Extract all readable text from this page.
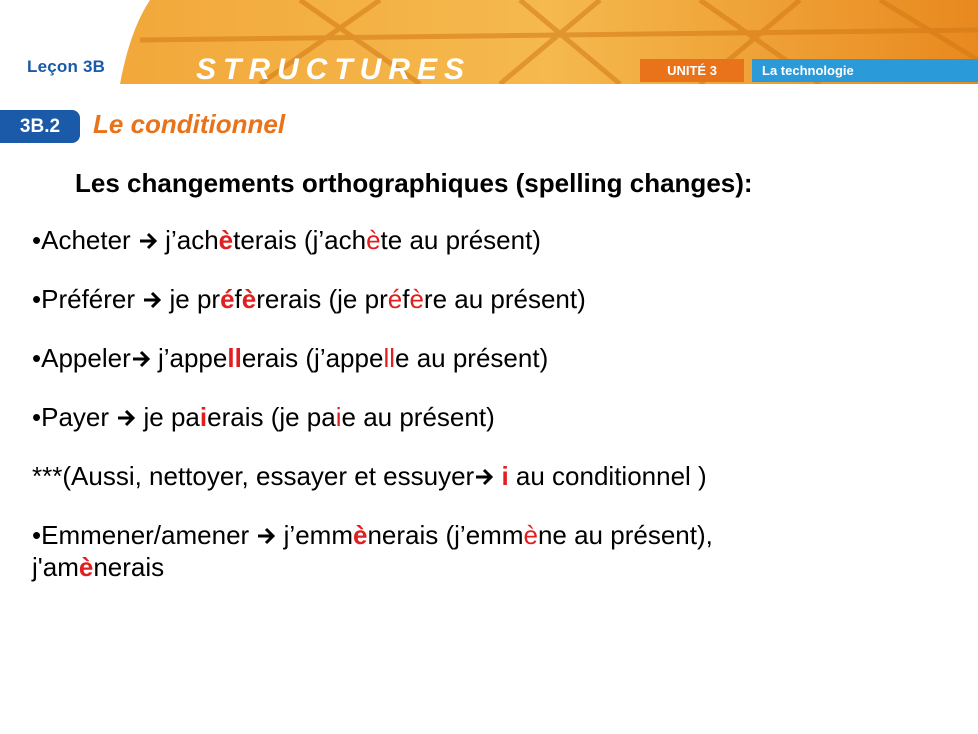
Leçon 3B	STRUCTURES	UNITÉ 3	La technologie
3B.2	Le conditionnel
Les changements orthographiques (spelling changes):
•Acheter  j’achèterais (j’achète au présent)
•Préférer  je préfèrerais (je préfère au présent)
•Appeler j’appellerais (j’appelle au présent)
•Payer  je paierais (je paie au présent)
***(Aussi, nettoyer, essayer et essuyer i au conditionnel )
•Emmener/amener  j’emmènerais (j’emmène au présent),
j'amènerais
